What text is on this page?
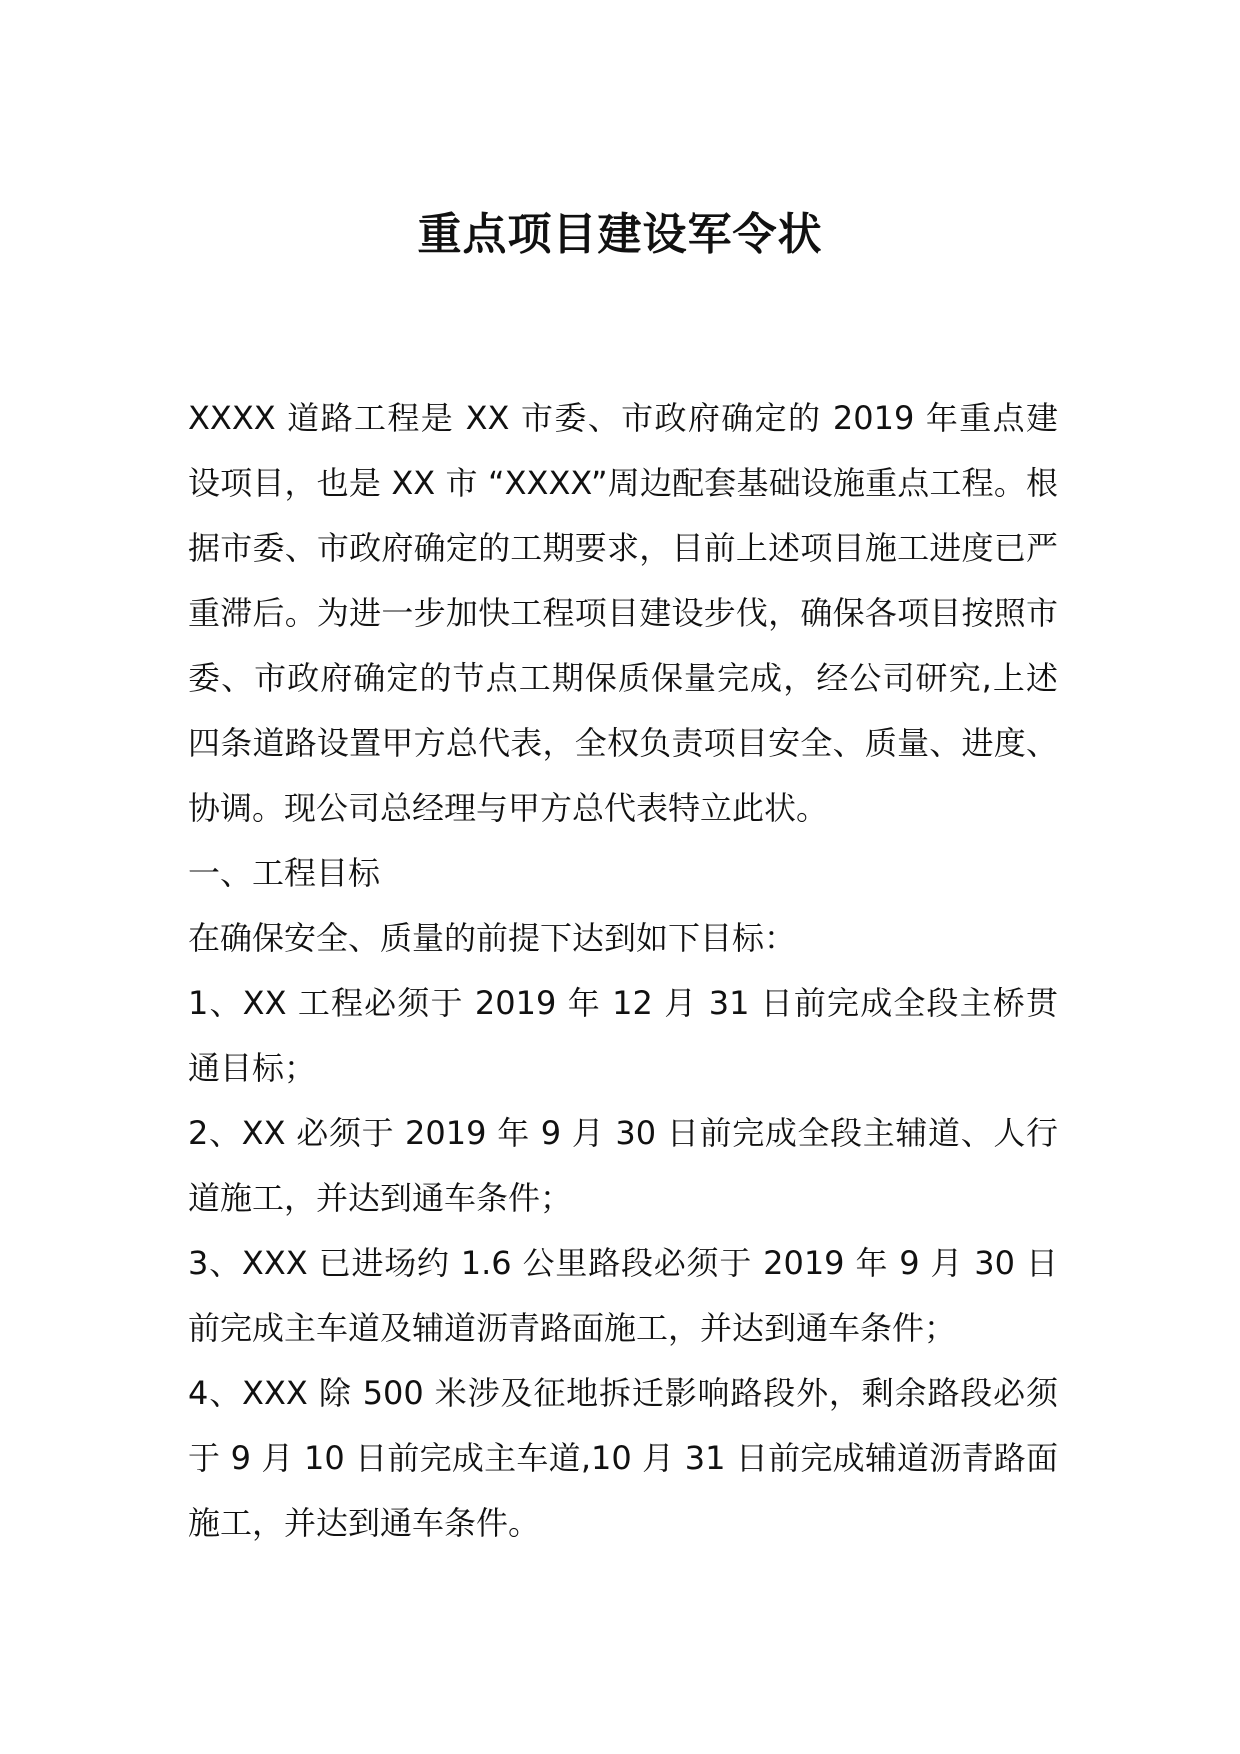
重点项目建设军令状

XXXX 道路工程是 XX 市委、市政府确定的 2019 年重点建设项目，也是 XX 市 “XXXX”周边配套基础设施重点工程。根据市委、市政府确定的工期要求，目前上述项目施工进度已严重滞后。为进一步加快工程项目建设步伐，确保各项目按照市委、市政府确定的节点工期保质保量完成，经公司研究,上述四条道路设置甲方总代表，全权负责项目安全、质量、进度、协调。现公司总经理与甲方总代表特立此状。

一、工程目标

在确保安全、质量的前提下达到如下目标：

1、XX 工程必须于 2019 年 12 月 31 日前完成全段主桥贯通目标；

2、XX 必须于 2019 年 9 月 30 日前完成全段主辅道、人行道施工，并达到通车条件；

3、XXX 已进场约 1.6 公里路段必须于 2019 年 9 月 30 日前完成主车道及辅道沥青路面施工，并达到通车条件；

4、XXX 除 500 米涉及征地拆迁影响路段外，剩余路段必须于 9 月 10 日前完成主车道,10 月 31 日前完成辅道沥青路面施工，并达到通车条件。
